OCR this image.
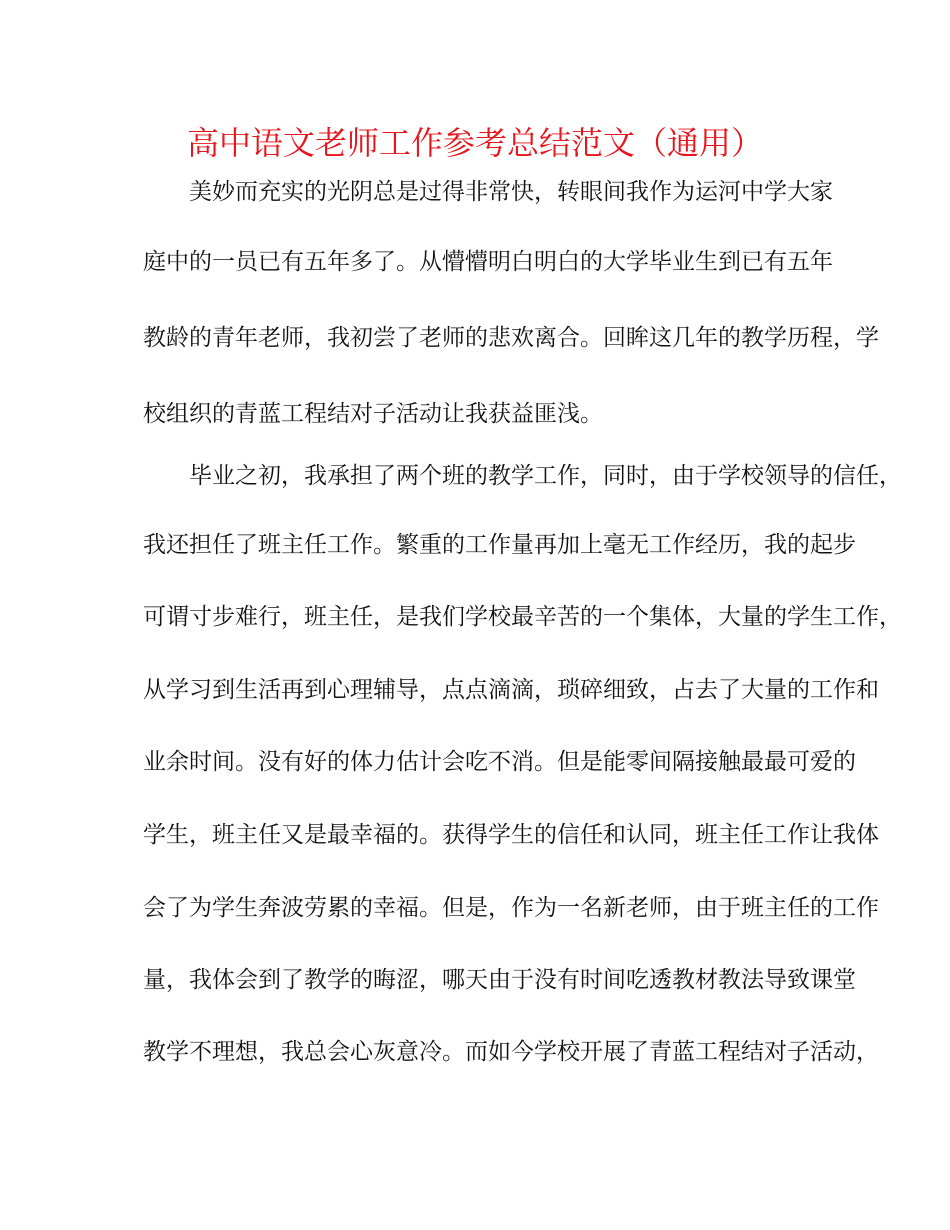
高中语文老师工作参考总结范文（通用）

美妙而充实的光阴总是过得非常快，转眼间我作为运河中学大家

庭中的一员已有五年多了。从懵懵明白明白的大学毕业生到已有五年

教龄的青年老师，我初尝了老师的悲欢离合。回眸这几年的教学历程，学

校组织的青蓝工程结对子活动让我获益匪浅。

毕业之初，我承担了两个班的教学工作，同时，由于学校领导的信任，

我还担任了班主任工作。繁重的工作量再加上毫无工作经历，我的起步

可谓寸步难行，班主任，是我们学校最辛苦的一个集体，大量的学生工作，

从学习到生活再到心理辅导，点点滴滴，琐碎细致，占去了大量的工作和

业余时间。没有好的体力估计会吃不消。但是能零间隔接触最最可爱的

学生，班主任又是最幸福的。获得学生的信任和认同，班主任工作让我体

会了为学生奔波劳累的幸福。但是，作为一名新老师，由于班主任的工作

量，我体会到了教学的晦涩，哪天由于没有时间吃透教材教法导致课堂

教学不理想，我总会心灰意冷。而如今学校开展了青蓝工程结对子活动，
